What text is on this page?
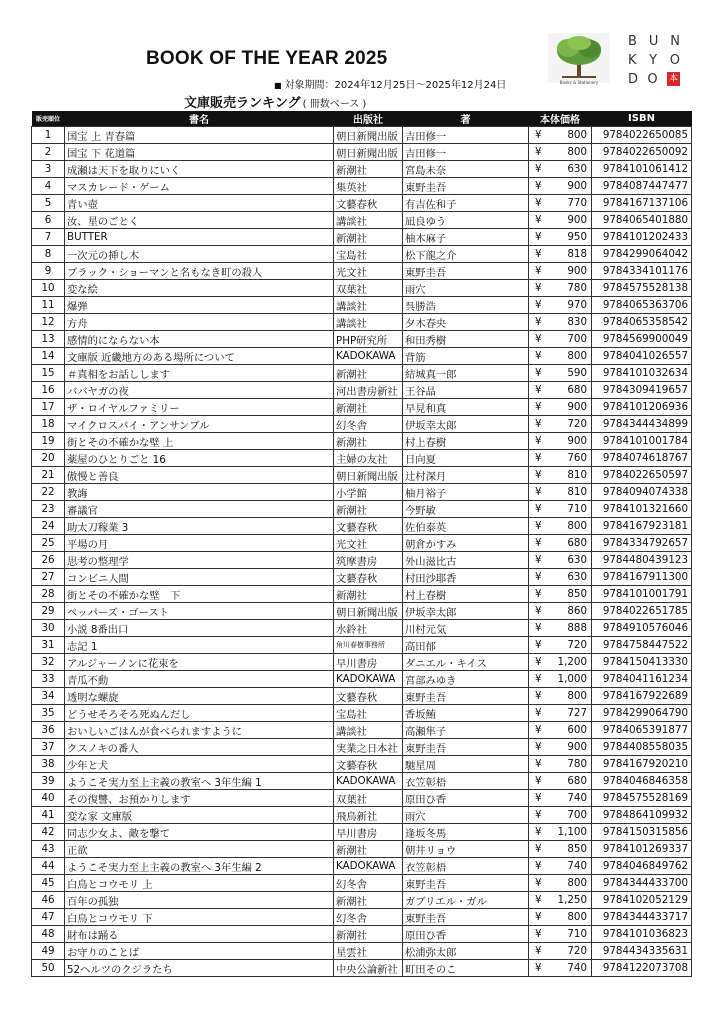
BOOK OF THE YEAR 2025
■ 対象期間：2024年12月25日～2025年12月24日
文庫販売ランキング ( 冊数ベース )
Books & Stationery
B U N
K Y O
D O 本
販売順位	書名	出版社	著	本体価格	ISBN
1	国宝 上 青春篇	朝日新聞出版	吉田修一	¥ 800	9784022650085
2	国宝 下 花道篇	朝日新聞出版	吉田修一	¥ 800	9784022650092
3	成瀬は天下を取りにいく	新潮社	宮島未奈	¥ 630	9784101061412
4	マスカレード・ゲーム	集英社	東野圭吾	¥ 900	9784087447477
5	青い壺	文藝春秋	有吉佐和子	¥ 770	9784167137106
6	汝、星のごとく	講談社	凪良ゆう	¥ 900	9784065401880
7	BUTTER	新潮社	柚木麻子	¥ 950	9784101202433
8	一次元の挿し木	宝島社	松下龍之介	¥ 818	9784299064042
9	ブラック・ショーマンと名もなき町の殺人	光文社	東野圭吾	¥ 900	9784334101176
10	変な絵	双葉社	雨穴	¥ 780	9784575528138
11	爆弾	講談社	呉勝浩	¥ 970	9784065363706
12	方舟	講談社	夕木春央	¥ 830	9784065358542
13	感情的にならない本	PHP研究所	和田秀樹	¥ 700	9784569900049
14	文庫版 近畿地方のある場所について	KADOKAWA	背筋	¥ 800	9784041026557
15	＃真相をお話しします	新潮社	結城真一郎	¥ 590	9784101032634
16	ババヤガの夜	河出書房新社	王谷晶	¥ 680	9784309419657
17	ザ・ロイヤルファミリー	新潮社	早見和真	¥ 900	9784101206936
18	マイクロスパイ・アンサンブル	幻冬舎	伊坂幸太郎	¥ 720	9784344434899
19	街とその不確かな壁 上	新潮社	村上春樹	¥ 900	9784101001784
20	薬屋のひとりごと 16	主婦の友社	日向夏	¥ 760	9784074618767
21	傲慢と善良	朝日新聞出版	辻村深月	¥ 810	9784022650597
22	教誨	小学館	柚月裕子	¥ 810	9784094074338
23	審議官	新潮社	今野敏	¥ 710	9784101321660
24	助太刀稼業 3	文藝春秋	佐伯泰英	¥ 800	9784167923181
25	平場の月	光文社	朝倉かすみ	¥ 680	9784334792657
26	思考の整理学	筑摩書房	外山滋比古	¥ 630	9784480439123
27	コンビニ人間	文藝春秋	村田沙耶香	¥ 630	9784167911300
28	街とその不確かな壁　下	新潮社	村上春樹	¥ 850	9784101001791
29	ペッパーズ・ゴースト	朝日新聞出版	伊坂幸太郎	¥ 860	9784022651785
30	小説 8番出口	水鈴社	川村元気	¥ 888	9784910576046
31	志記 1	角川春樹事務所	高田郁	¥ 720	9784758447522
32	アルジャーノンに花束を	早川書房	ダニエル・キイス	¥ 1,200	9784150413330
33	青瓜不動	KADOKAWA	宮部みゆき	¥ 1,000	9784041161234
34	透明な螺旋	文藝春秋	東野圭吾	¥ 800	9784167922689
35	どうせそろそろ死ぬんだし	宝島社	香坂鮪	¥ 727	9784299064790
36	おいしいごはんが食べられますように	講談社	高瀬隼子	¥ 600	9784065391877
37	クスノキの番人	実業之日本社	東野圭吾	¥ 900	9784408558035
38	少年と犬	文藝春秋	馳星周	¥ 780	9784167920210
39	ようこそ実力至上主義の教室へ 3年生編 1	KADOKAWA	衣笠彰梧	¥ 680	9784046846358
40	その復讐、お預かりします	双葉社	原田ひ香	¥ 740	9784575528169
41	変な家 文庫版	飛鳥新社	雨穴	¥ 700	9784864109932
42	同志少女よ、敵を撃て	早川書房	逢坂冬馬	¥ 1,100	9784150315856
43	正欲	新潮社	朝井リョウ	¥ 850	9784101269337
44	ようこそ実力至上主義の教室へ 3年生編 2	KADOKAWA	衣笠彰梧	¥ 740	9784046849762
45	白鳥とコウモリ 上	幻冬舎	東野圭吾	¥ 800	9784344433700
46	百年の孤独	新潮社	ガブリエル・ガル	¥ 1,250	9784102052129
47	白鳥とコウモリ 下	幻冬舎	東野圭吾	¥ 800	9784344433717
48	財布は踊る	新潮社	原田ひ香	¥ 710	9784101036823
49	お守りのことば	星雲社	松浦弥太郎	¥ 720	9784434335631
50	52ヘルツのクジラたち	中央公論新社	町田そのこ	¥ 740	9784122073708
